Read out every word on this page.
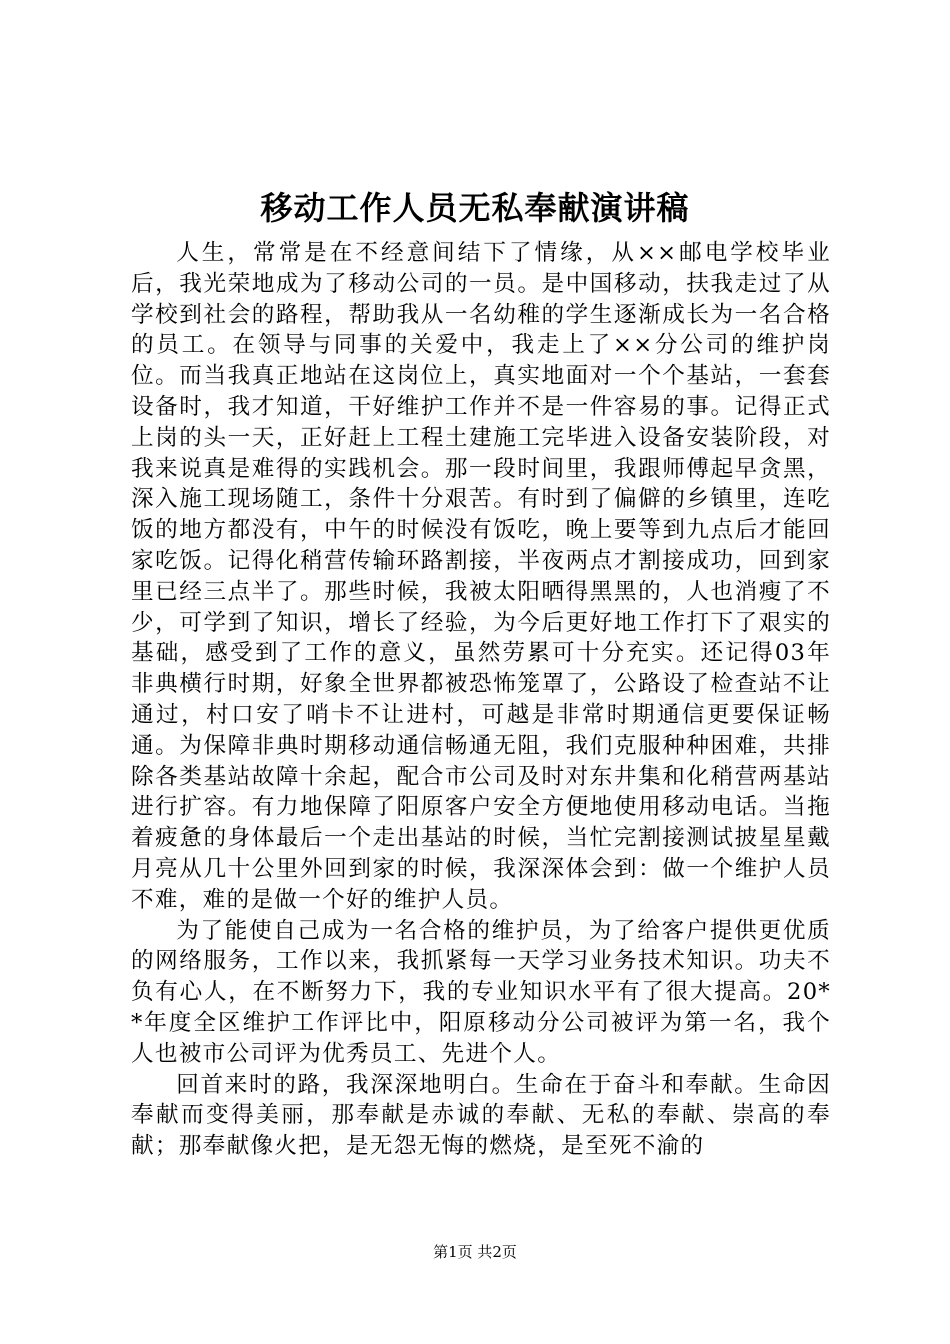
移动工作人员无私奉献演讲稿

人生，常常是在不经意间结下了情缘，从××邮电学校毕业后，我光荣地成为了移动公司的一员。是中国移动，扶我走过了从学校到社会的路程，帮助我从一名幼稚的学生逐渐成长为一名合格的员工。在领导与同事的关爱中，我走上了××分公司的维护岗位。而当我真正地站在这岗位上，真实地面对一个个基站，一套套设备时，我才知道，干好维护工作并不是一件容易的事。记得正式上岗的头一天，正好赶上工程土建施工完毕进入设备安装阶段，对我来说真是难得的实践机会。那一段时间里，我跟师傅起早贪黑，深入施工现场随工，条件十分艰苦。有时到了偏僻的乡镇里，连吃饭的地方都没有，中午的时候没有饭吃，晚上要等到九点后才能回家吃饭。记得化稍营传输环路割接，半夜两点才割接成功，回到家里已经三点半了。那些时候，我被太阳晒得黑黑的，人也消瘦了不少，可学到了知识，增长了经验，为今后更好地工作打下了艰实的基础，感受到了工作的意义，虽然劳累可十分充实。还记得03年非典横行时期，好象全世界都被恐怖笼罩了，公路设了检查站不让通过，村口安了哨卡不让进村，可越是非常时期通信更要保证畅通。为保障非典时期移动通信畅通无阻，我们克服种种困难，共排除各类基站故障十余起，配合市公司及时对东井集和化稍营两基站进行扩容。有力地保障了阳原客户安全方便地使用移动电话。当拖着疲惫的身体最后一个走出基站的时候，当忙完割接测试披星星戴月亮从几十公里外回到家的时候，我深深体会到：做一个维护人员不难，难的是做一个好的维护人员。

为了能使自己成为一名合格的维护员，为了给客户提供更优质的网络服务，工作以来，我抓紧每一天学习业务技术知识。功夫不负有心人，在不断努力下，我的专业知识水平有了很大提高。20**年度全区维护工作评比中，阳原移动分公司被评为第一名，我个人也被市公司评为优秀员工、先进个人。

回首来时的路，我深深地明白。生命在于奋斗和奉献。生命因奉献而变得美丽，那奉献是赤诚的奉献、无私的奉献、崇高的奉献；那奉献像火把，是无怨无悔的燃烧，是至死不渝的

第1页 共2页
